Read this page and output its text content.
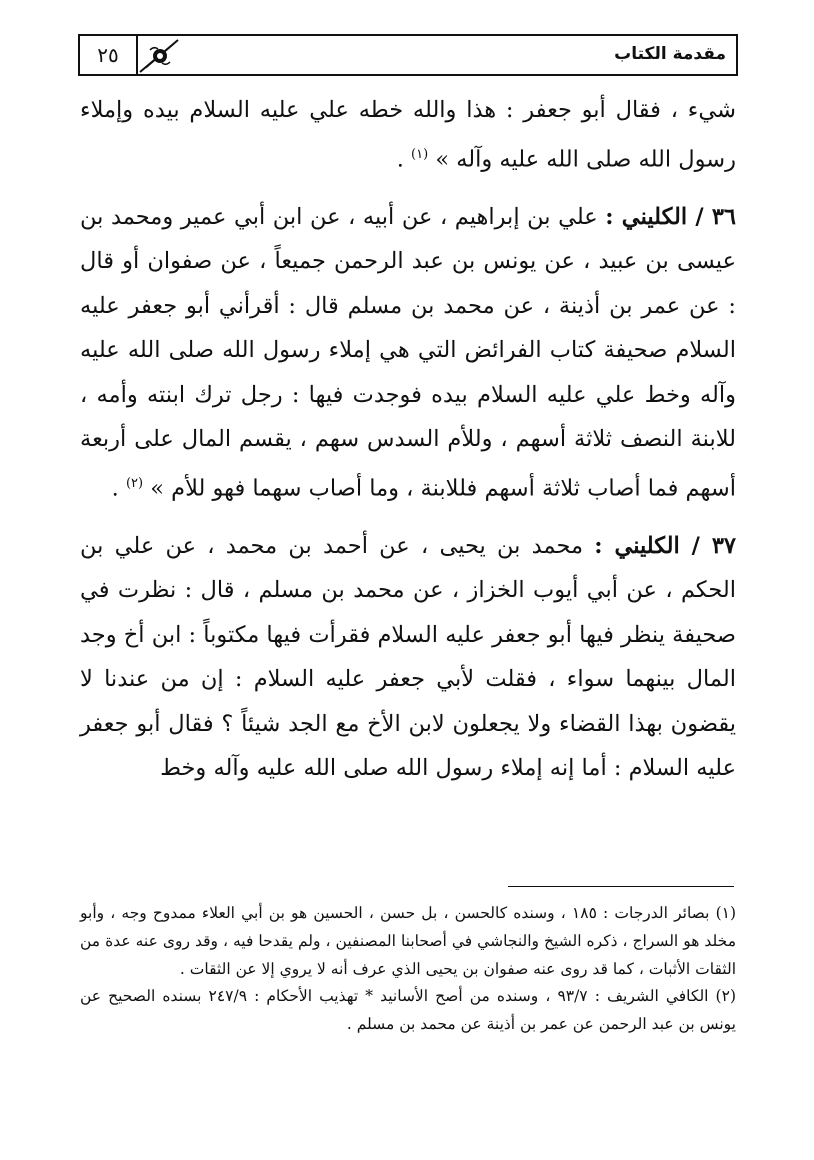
مقدمة الكتاب
٢٥

شيء ، فقال أبو جعفر : هذا والله خطه علي عليه السلام بيده وإملاء رسول الله صلى الله عليه وآله » $^{(١)}$ .

٣٦ / الكليني : علي بن إبراهيم ، عن أبيه ، عن ابن أبي عمير ومحمد بن عيسى بن عبيد ، عن يونس بن عبد الرحمن جميعاً ، عن صفوان أو قال : عن عمر بن أذينة ، عن محمد بن مسلم قال : أقرأني أبو جعفر عليه السلام صحيفة كتاب الفرائض التي هي إملاء رسول الله صلى الله عليه وآله وخط علي عليه السلام بيده فوجدت فيها : رجل ترك ابنته وأمه ، للابنة النصف ثلاثة أسهم ، وللأم السدس سهم ، يقسم المال على أربعة أسهم فما أصاب ثلاثة أسهم فللابنة ، وما أصاب سهما فهو للأم » $^{(٢)}$ .

٣٧ / الكليني : محمد بن يحيى ، عن أحمد بن محمد ، عن علي بن الحكم ، عن أبي أيوب الخزاز ، عن محمد بن مسلم ، قال : نظرت في صحيفة ينظر فيها أبو جعفر عليه السلام فقرأت فيها مكتوباً : ابن أخ وجد المال بينهما سواء ، فقلت لأبي جعفر عليه السلام : إن من عندنا لا يقضون بهذا القضاء ولا يجعلون لابن الأخ مع الجد شيئاً ؟ فقال أبو جعفر عليه السلام : أما إنه إملاء رسول الله صلى الله عليه وآله وخط

(١) بصائر الدرجات : ١٨٥ ، وسنده كالحسن ، بل حسن ، الحسين هو بن أبي العلاء ممدوح وجه ، وأبو مخلد هو السراج ، ذكره الشيخ والنجاشي في أصحابنا المصنفين ، ولم يقدحا فيه ، وقد روى عنه عدة من الثقات الأثبات ، كما قد روى عنه صفوان بن يحيى الذي عرف أنه لا يروي إلا عن الثقات .

(٢) الكافي الشريف : ٩٣/٧ ، وسنده من أصح الأسانيد * تهذيب الأحكام : ٢٤٧/٩ بسنده الصحيح عن يونس بن عبد الرحمن عن عمر بن أذينة عن محمد بن مسلم .
